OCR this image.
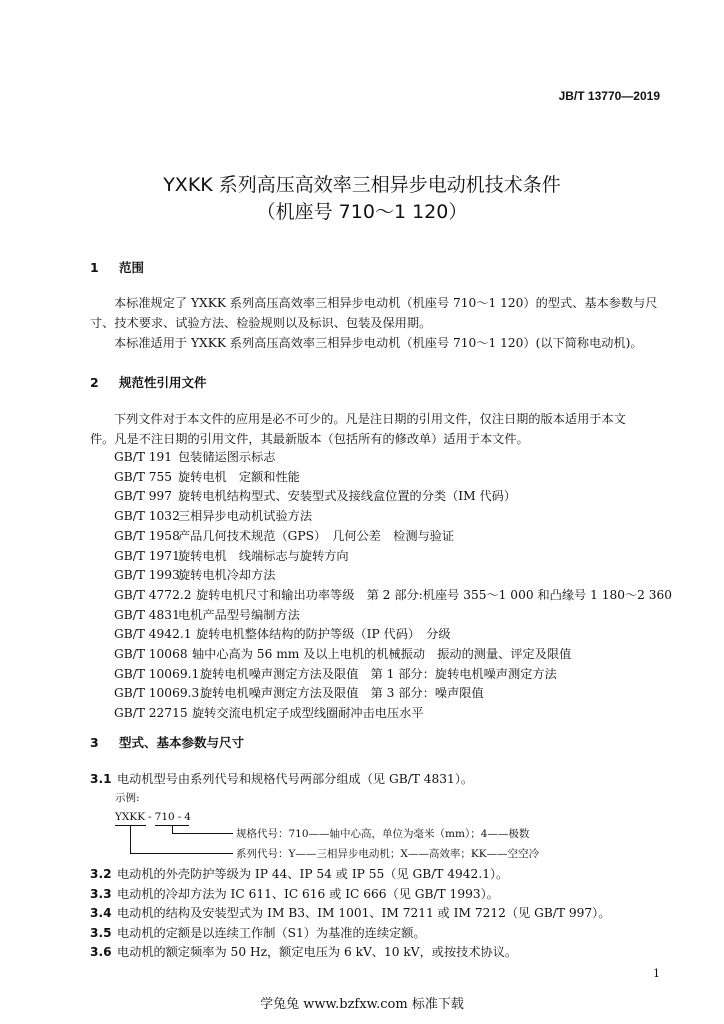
JB/T 13770—2019
YXKK 系列高压高效率三相异步电动机技术条件
（机座号 710～1 120）
1 范围
本标准规定了 YXKK 系列高压高效率三相异步电动机（机座号 710～1 120）的型式、基本参数与尺
寸、技术要求、试验方法、检验规则以及标识、包装及保用期。
本标准适用于 YXKK 系列高压高效率三相异步电动机（机座号 710～1 120）(以下简称电动机)。
2 规范性引用文件
下列文件对于本文件的应用是必不可少的。凡是注日期的引用文件，仅注日期的版本适用于本文
件。凡是不注日期的引用文件，其最新版本（包括所有的修改单）适用于本文件。
GB/T 191 包装储运图示标志
GB/T 755 旋转电机　定额和性能
GB/T 997 旋转电机结构型式、安装型式及接线盒位置的分类（IM 代码）
GB/T 1032三相异步电动机试验方法
GB/T 1958产品几何技术规范（GPS）　几何公差　检测与验证
GB/T 1971旋转电机　线端标志与旋转方向
GB/T 1993旋转电机冷却方法
GB/T 4772.2 旋转电机尺寸和输出功率等级　第 2 部分:机座号 355～1 000 和凸缘号 1 180～2 360
GB/T 4831电机产品型号编制方法
GB/T 4942.1 旋转电机整体结构的防护等级（IP 代码）　分级
GB/T 10068 轴中心高为 56 mm 及以上电机的机械振动　振动的测量、评定及限值
GB/T 10069.1旋转电机噪声测定方法及限值　第 1 部分：旋转电机噪声测定方法
GB/T 10069.3旋转电机噪声测定方法及限值　第 3 部分：噪声限值
GB/T 22715 旋转交流电机定子成型线圈耐冲击电压水平
3 型式、基本参数与尺寸
3.1 电动机型号由系列代号和规格代号两部分组成（见 GB/T 4831）。
示例:
YXKK - 710 - 4
规格代号：710——轴中心高，单位为毫米（mm）；4——极数
系列代号：Y——三相异步电动机；X——高效率；KK——空空冷
3.2 电动机的外壳防护等级为 IP 44、IP 54 或 IP 55（见 GB/T 4942.1）。
3.3 电动机的冷却方法为 IC 611、IC 616 或 IC 666（见 GB/T 1993）。
3.4 电动机的结构及安装型式为 IM B3、IM 1001、IM 7211 或 IM 7212（见 GB/T 997）。
3.5 电动机的定额是以连续工作制（S1）为基准的连续定额。
3.6 电动机的额定频率为 50 Hz，额定电压为 6 kV、10 kV，或按技术协议。
1
学兔兔 www.bzfxw.com 标准下载
